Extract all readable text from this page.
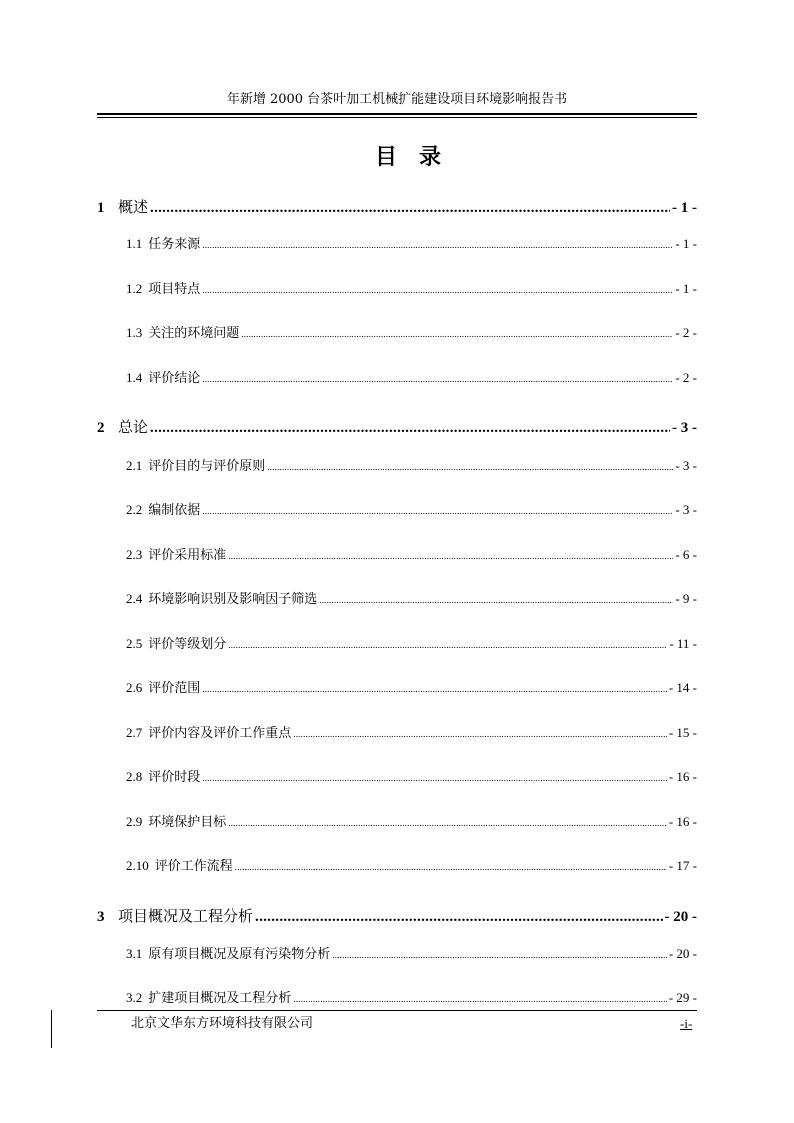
年新增 2000 台茶叶加工机械扩能建设项目环境影响报告书
目录
1 概述 .....	- 1 -
1.1 任务来源 .....	- 1 -
1.2 项目特点 .....	- 1 -
1.3 关注的环境问题 .....	- 2 -
1.4 评价结论 .....	- 2 -
2 总论 .....	- 3 -
2.1 评价目的与评价原则 .....	- 3 -
2.2 编制依据 .....	- 3 -
2.3 评价采用标准 .....	- 6 -
2.4 环境影响识别及影响因子筛选 .....	- 9 -
2.5 评价等级划分 .....	- 11 -
2.6 评价范围 .....	- 14 -
2.7 评价内容及评价工作重点 .....	- 15 -
2.8 评价时段 .....	- 16 -
2.9 环境保护目标 .....	- 16 -
2.10 评价工作流程 .....	- 17 -
3 项目概况及工程分析 .....	- 20 -
3.1 原有项目概况及原有污染物分析 .....	- 20 -
3.2 扩建项目概况及工程分析 .....	- 29 -
北京文华东方环境科技有限公司	-i-
